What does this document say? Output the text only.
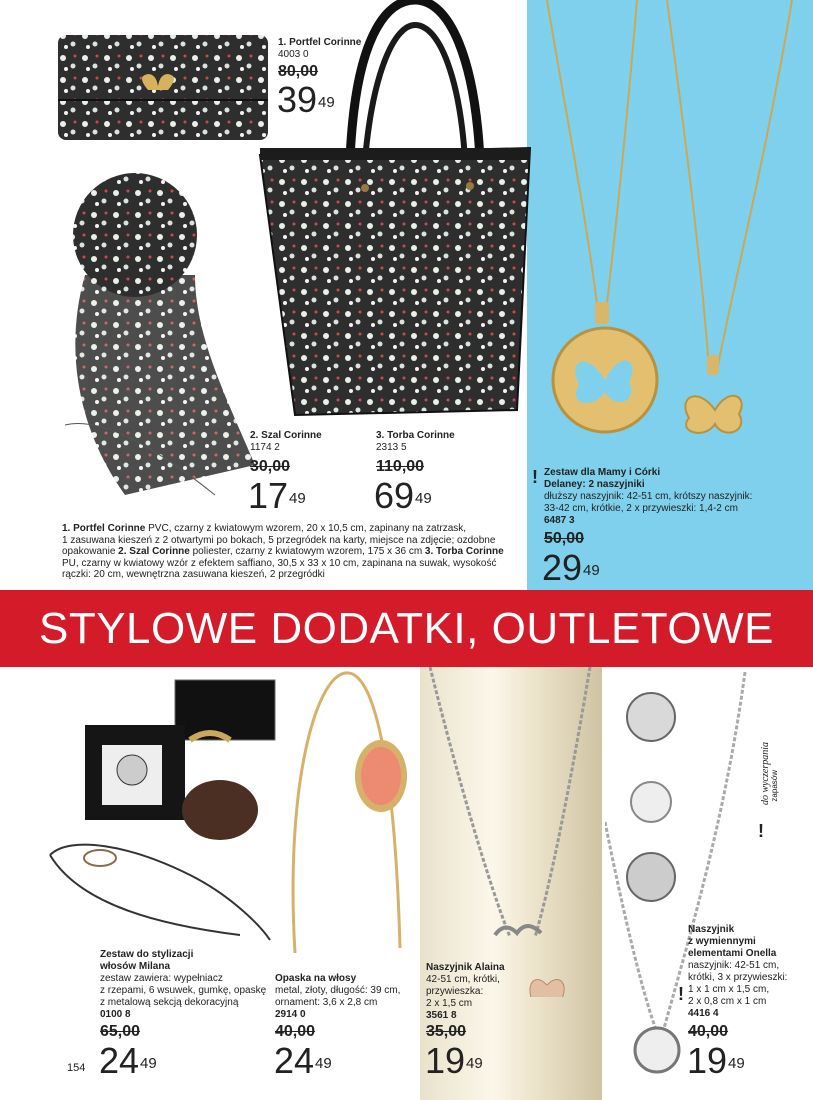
1. Portfel Corinne
4003 0
80,00
$39^{49}$
2. Szal Corinne
1174 2
30,00
$17^{49}$
3. Torba Corinne
2313 5
110,00
$69^{49}$
1. Portfel Corinne PVC, czarny z kwiatowym wzorem, 20 x 10,5 cm, zapinany na zatrzask,
1 zasuwana kieszeń z 2 otwartymi po bokach, 5 przegródek na karty, miejsce na zdjęcie; ozdobne
opakowanie 2. Szal Corinne poliester, czarny z kwiatowym wzorem, 175 x 36 cm 3. Torba Corinne
PU, czarny w kwiatowy wzór z efektem saffiano, 30,5 x 33 x 10 cm, zapinana na suwak, wysokość
rączki: 20 cm, wewnętrzna zasuwana kieszeń, 2 przegródki
! Zestaw dla Mamy i Córki
Delaney: 2 naszyjniki
dłuższy naszyjnik: 42-51 cm, krótszy naszyjnik:
33-42 cm, krótkie, 2 x przywieszki: 1,4-2 cm
6487 3
50,00
$29^{49}$
STYLOWE DODATKI, OUTLETOWE
!
do wyczerpania zapasów
Zestaw do stylizacji
włosów Milana
zestaw zawiera: wypełniacz
z rzepami, 6 wsuwek, gumkę, opaskę
z metalową sekcją dekoracyjną
0100 8
65,00
$24^{49}$
Opaska na włosy
metal, złoty, długość: 39 cm,
ornament: 3,6 x 2,8 cm
2914 0
40,00
$24^{49}$
Naszyjnik Alaina
42-51 cm, krótki,
przywieszka:
2 x 1,5 cm
3561 8
35,00
$19^{49}$
Naszyjnik
z wymiennymi
elementami Onella
naszyjnik: 42-51 cm,
krótki, 3 x przywieszki:
1 x 1 cm x 1,5 cm,
2 x 0,8 cm x 1 cm
4416 4
!
40,00
$19^{49}$
154
